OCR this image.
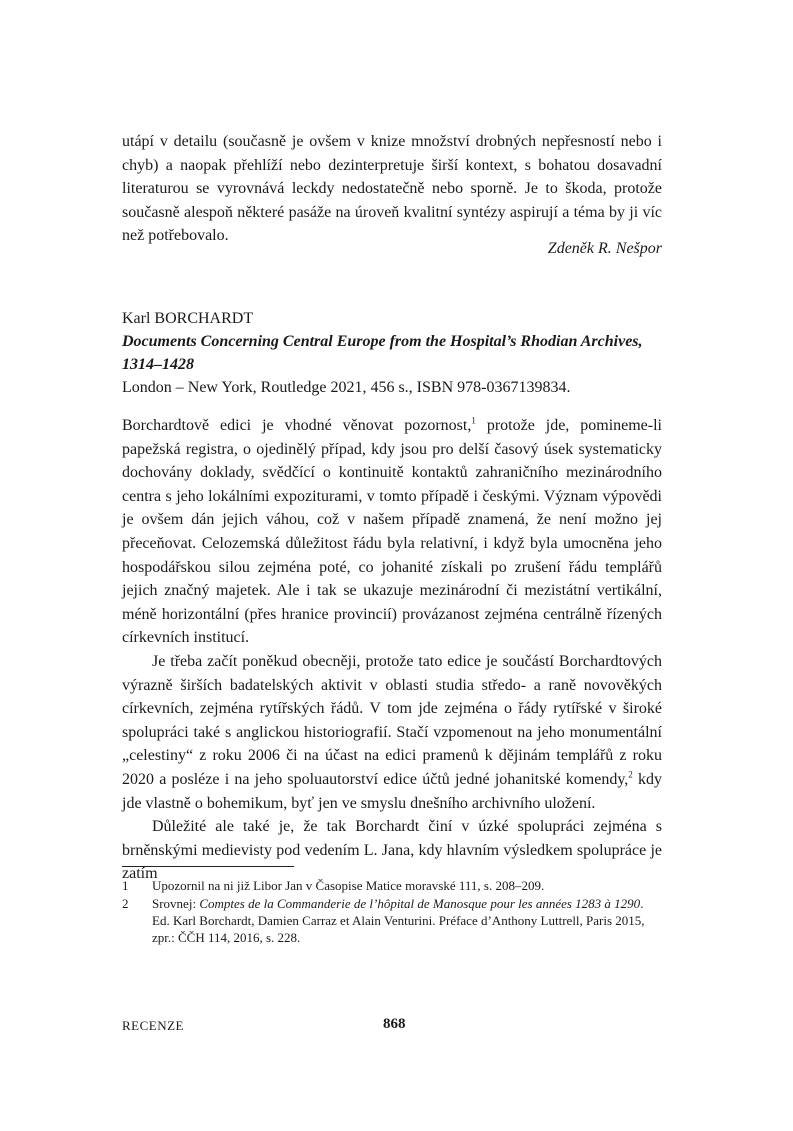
utápí v detailu (současně je ovšem v knize množství drobných nepřesností nebo i chyb) a naopak přehlíží nebo dezinterpretuje širší kontext, s bohatou dosavadní literaturou se vyrovnává leckdy nedostatečně nebo sporně. Je to škoda, protože současně alespoň některé pasáže na úroveň kvalitní syntézy aspirují a téma by ji víc než potřebovalo.

Zdeněk R. Nešpor
Karl BORCHARDT
Documents Concerning Central Europe from the Hospital’s Rhodian Archives,
1314–1428
London – New York, Routledge 2021, 456 s., ISBN 978-0367139834.

Borchardtově edici je vhodné věnovat pozornost,$^1$ protože jde, pomineme-li papežská registra, o ojedinělý případ, kdy jsou pro delší časový úsek systematicky dochovány doklady, svědčící o kontinuitě kontaktů zahraničního mezinárodního centra s jeho lokálními expoziturami, v tomto případě i českými. Význam výpovědi je ovšem dán jejich váhou, což v našem případě znamená, že není možno jej přeceňovat. Celozemská důležitost řádu byla relativní, i když byla umocněna jeho hospodářskou silou zejména poté, co johanité získali po zrušení řádu templářů jejich značný majetek. Ale i tak se ukazuje mezinárodní či mezistátní vertikální, méně horizontální (přes hranice provincií) provázanost zejména centrálně řízených církevních institucí.

Je třeba začít poněkud obecněji, protože tato edice je součástí Borchardtových výrazně širších badatelských aktivit v oblasti studia středo- a raně novověkých církevních, zejména rytířských řádů. V tom jde zejména o řády rytířské v široké spolupráci také s anglickou historiografií. Stačí vzpomenout na jeho monumentální „celestiny“ z roku 2006 či na účast na edici pramenů k dějinám templářů z roku 2020 a posléze i na jeho spoluautorství edice účtů jedné johanitské komendy,$^2$ kdy jde vlastně o bohemikum, byť jen ve smyslu dnešního archivního uložení.

Důležité ale také je, že tak Borchardt činí v úzké spolupráci zejména s brněnskými medievisty pod vedením L. Jana, kdy hlavním výsledkem spolupráce je zatím

1 Upozornil na ni již Libor Jan v Časopise Matice moravské 111, s. 208–209.
2 Srovnej: Comptes de la Commanderie de l’hôpital de Manosque pour les années 1283 à 1290. Ed. Karl Borchardt, Damien Carraz et Alain Venturini. Préface d’Anthony Luttrell, Paris 2015, zpr.: ČČH 114, 2016, s. 228.
RECENZE	868
